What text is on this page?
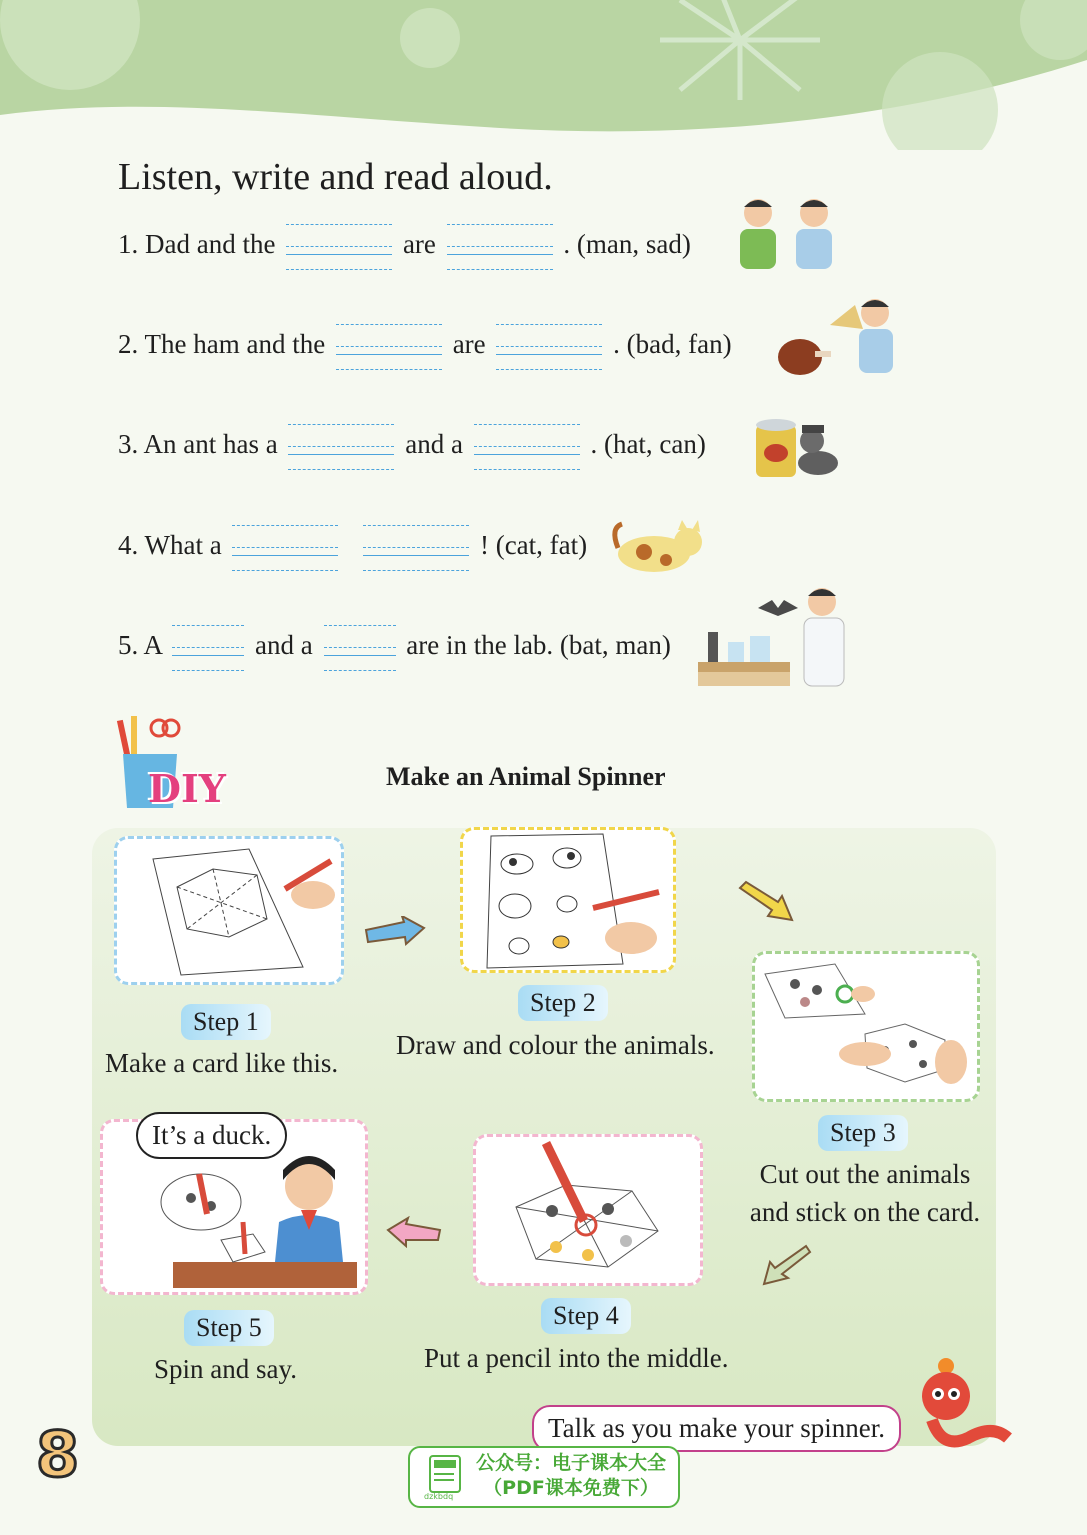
Listen, write and read aloud.
1. Dad and the	are	. (man, sad)
2. The ham and the	are	. (bad, fan)
3. An ant has a	and a	. (hat, can)
4. What a
	! (cat, fat)
5. A	and a	are in the lab. (bat, man)
DIY	Make an Animal Spinner
Step 1
Make a card like this.
Step 2
Draw and colour the animals.
Step 3
Cut out the animals
and stick on the card.
Step 4
Put a pencil into the middle.
It’s a duck.
Step 5
Spin and say.
Talk as you make your spinner.
8
dzkbdq
公众号：电子课本大全
（PDF课本免费下）
